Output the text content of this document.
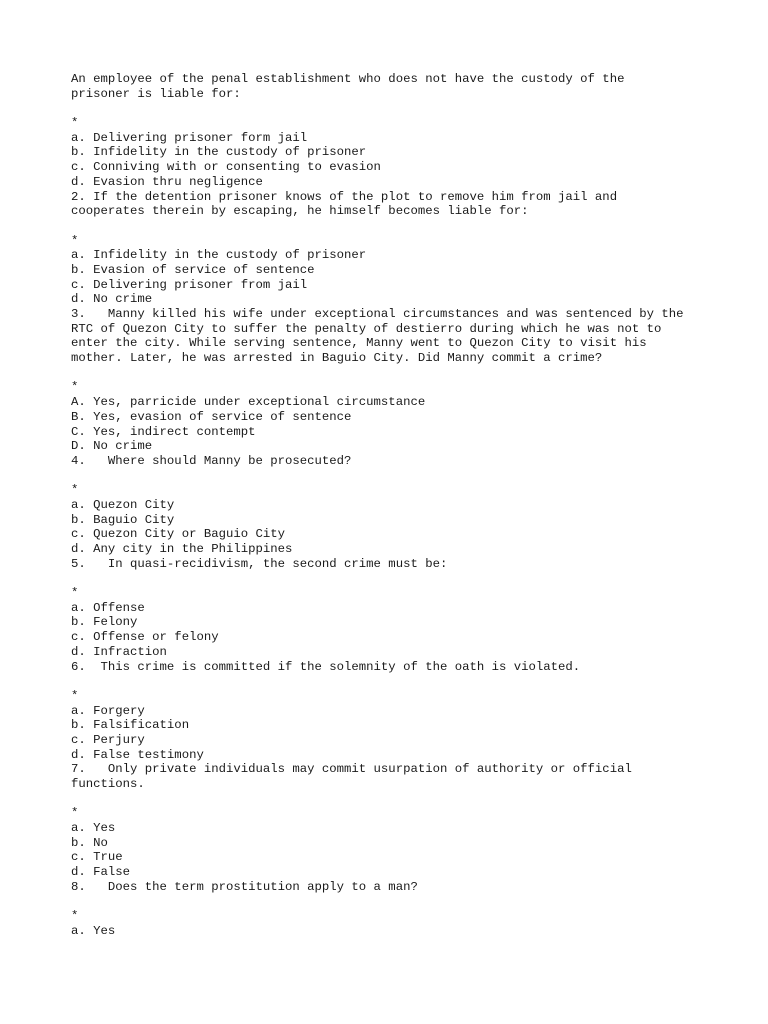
An employee of the penal establishment who does not have the custody of the
prisoner is liable for:
*
a. Delivering prisoner form jail
b. Infidelity in the custody of prisoner
c. Conniving with or consenting to evasion
d. Evasion thru negligence
2. If the detention prisoner knows of the plot to remove him from jail and
cooperates therein by escaping, he himself becomes liable for:
*
a. Infidelity in the custody of prisoner
b. Evasion of service of sentence
c. Delivering prisoner from jail
d. No crime
3.   Manny killed his wife under exceptional circumstances and was sentenced by the
RTC of Quezon City to suffer the penalty of destierro during which he was not to
enter the city. While serving sentence, Manny went to Quezon City to visit his
mother. Later, he was arrested in Baguio City. Did Manny commit a crime?
*
A. Yes, parricide under exceptional circumstance
B. Yes, evasion of service of sentence
C. Yes, indirect contempt
D. No crime
4.   Where should Manny be prosecuted?
*
a. Quezon City
b. Baguio City
c. Quezon City or Baguio City
d. Any city in the Philippines
5.   In quasi-recidivism, the second crime must be:
*
a. Offense
b. Felony
c. Offense or felony
d. Infraction
6.  This crime is committed if the solemnity of the oath is violated.
*
a. Forgery
b. Falsification
c. Perjury
d. False testimony
7.   Only private individuals may commit usurpation of authority or official
functions.
*
a. Yes
b. No
c. True
d. False
8.   Does the term prostitution apply to a man?
*
a. Yes
